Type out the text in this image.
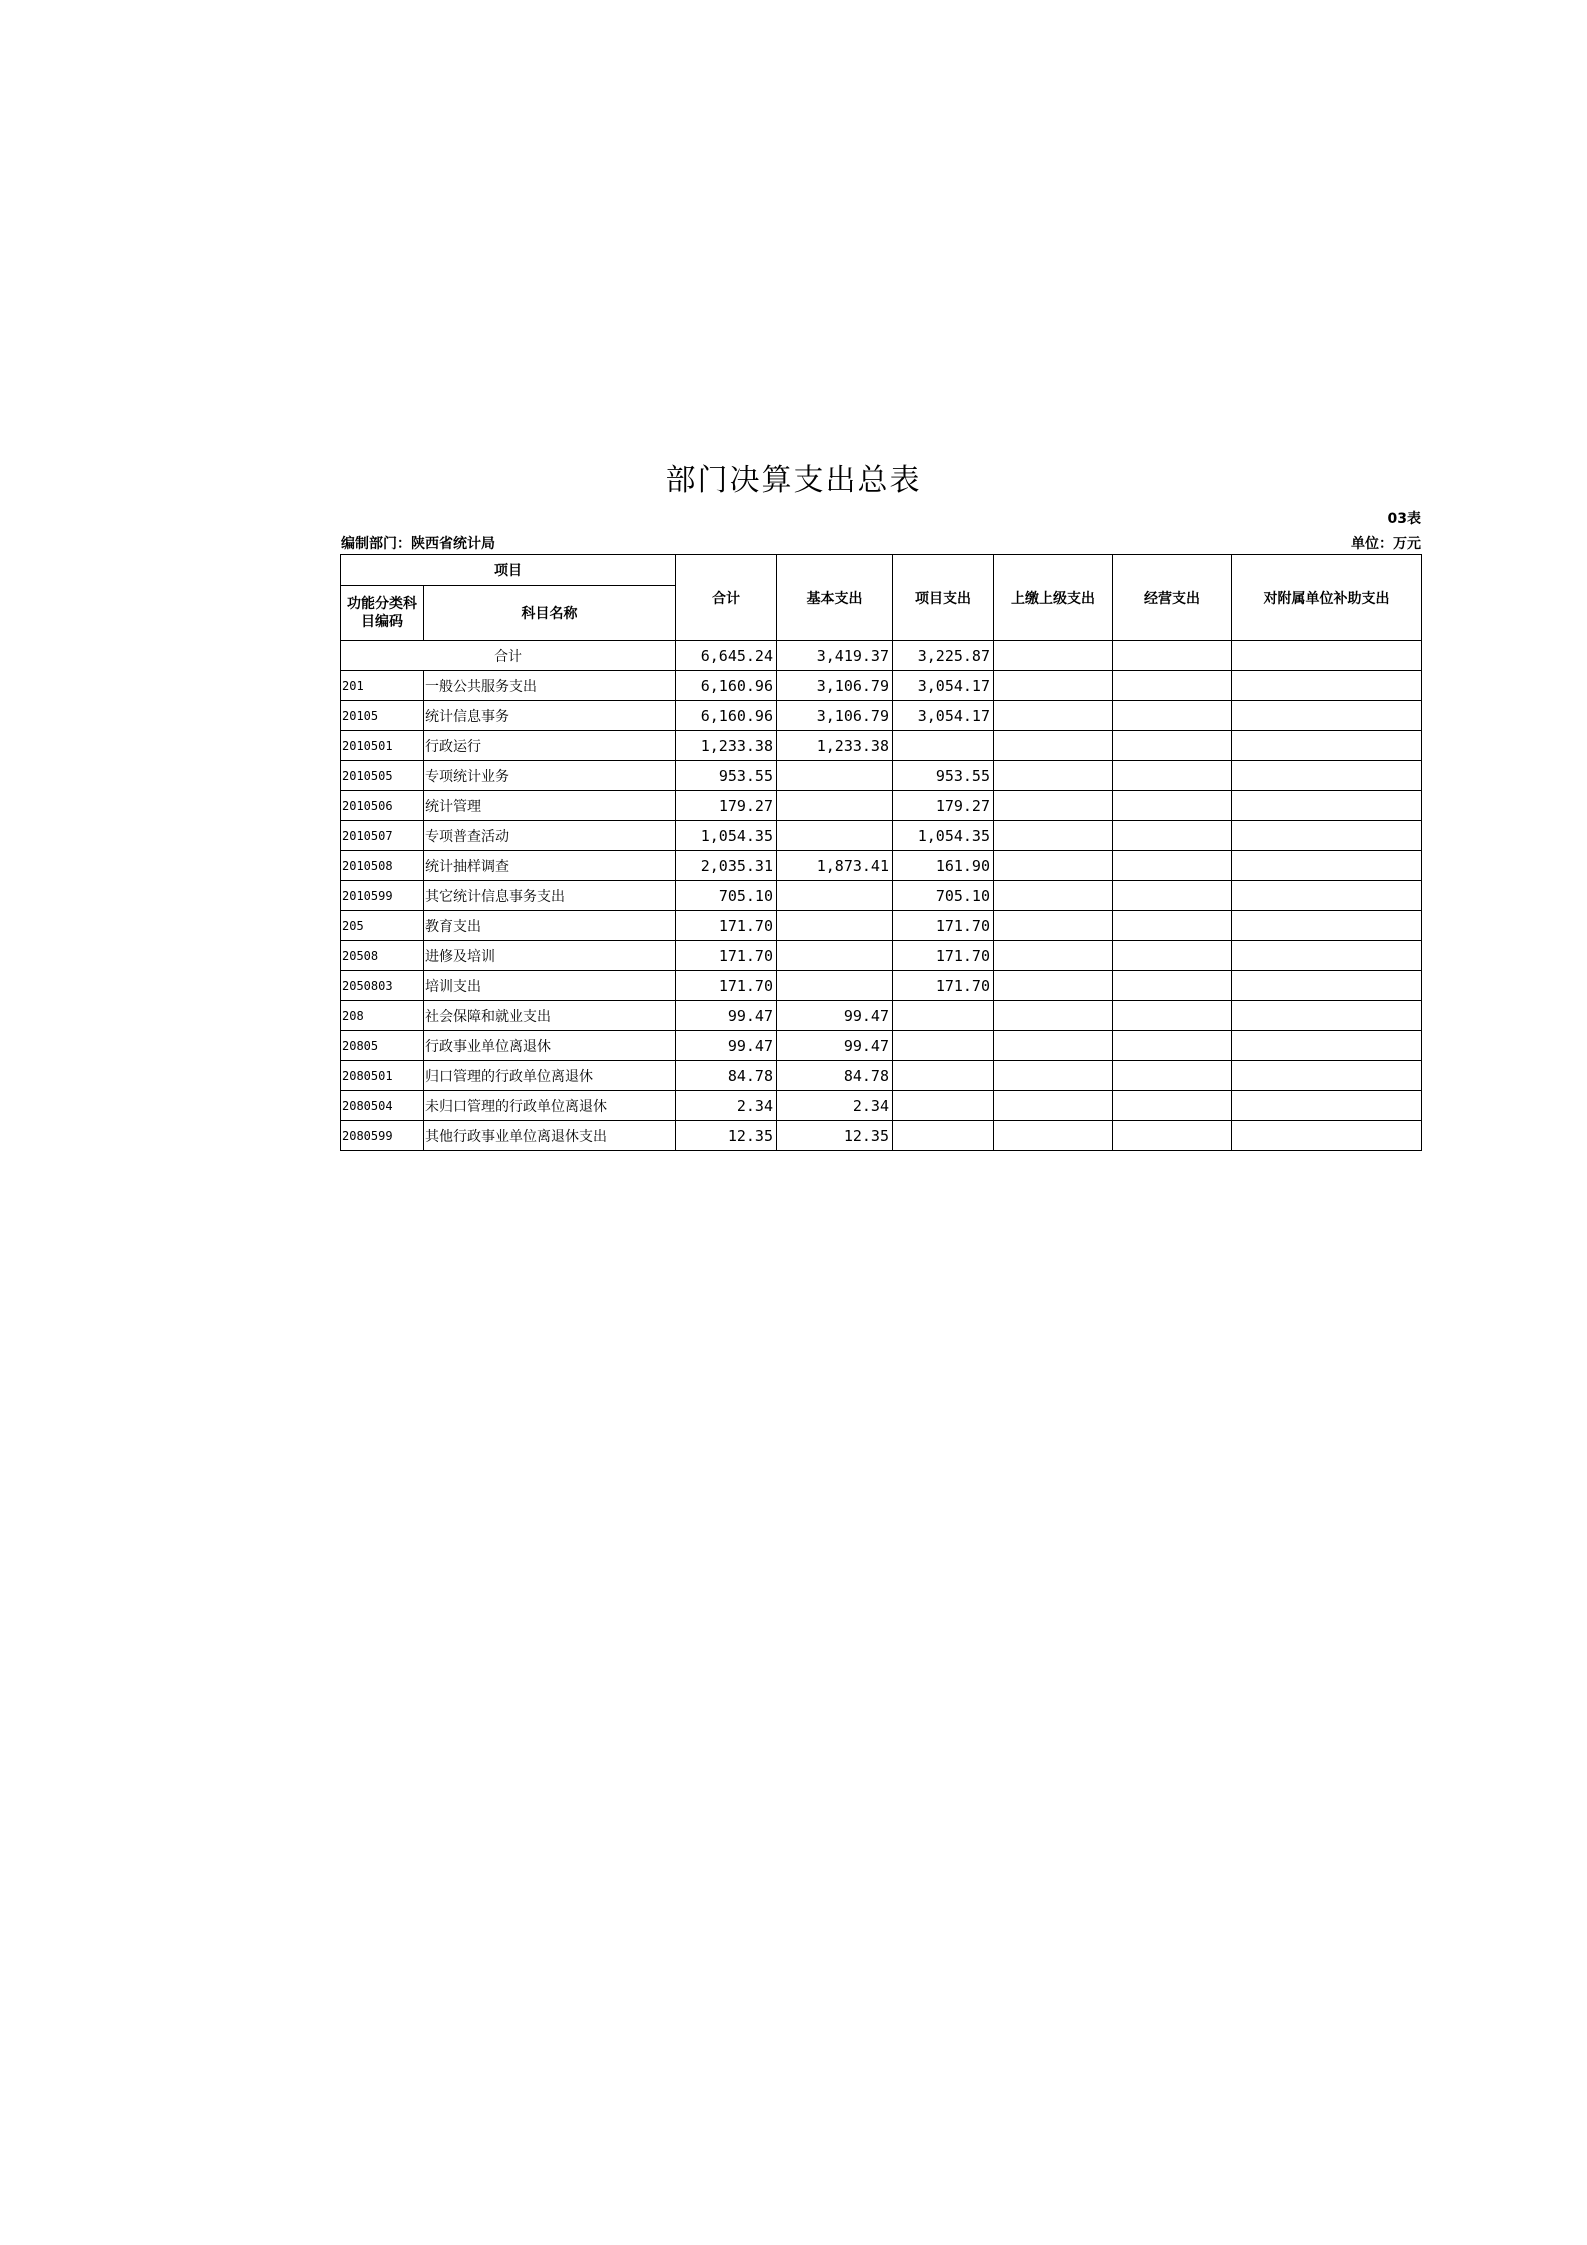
部门决算支出总表
03表
编制部门：陕西省统计局	单位：万元
项目		合计	基本支出	项目支出	上缴上级支出	经营支出	对附属单位补助支出
功能分类科目编码	科目名称						
合计		6,645.24	3,419.37	3,225.87			
201	一般公共服务支出	6,160.96	3,106.79	3,054.17			
20105	统计信息事务	6,160.96	3,106.79	3,054.17			
2010501	行政运行	1,233.38	1,233.38				
2010505	专项统计业务	953.55		953.55			
2010506	统计管理	179.27		179.27			
2010507	专项普查活动	1,054.35		1,054.35			
2010508	统计抽样调查	2,035.31	1,873.41	161.90			
2010599	其它统计信息事务支出	705.10		705.10			
205	教育支出	171.70		171.70			
20508	进修及培训	171.70		171.70			
2050803	培训支出	171.70		171.70			
208	社会保障和就业支出	99.47	99.47				
20805	行政事业单位离退休	99.47	99.47				
2080501	归口管理的行政单位离退休	84.78	84.78				
2080504	未归口管理的行政单位离退休	2.34	2.34				
2080599	其他行政事业单位离退休支出	12.35	12.35				
